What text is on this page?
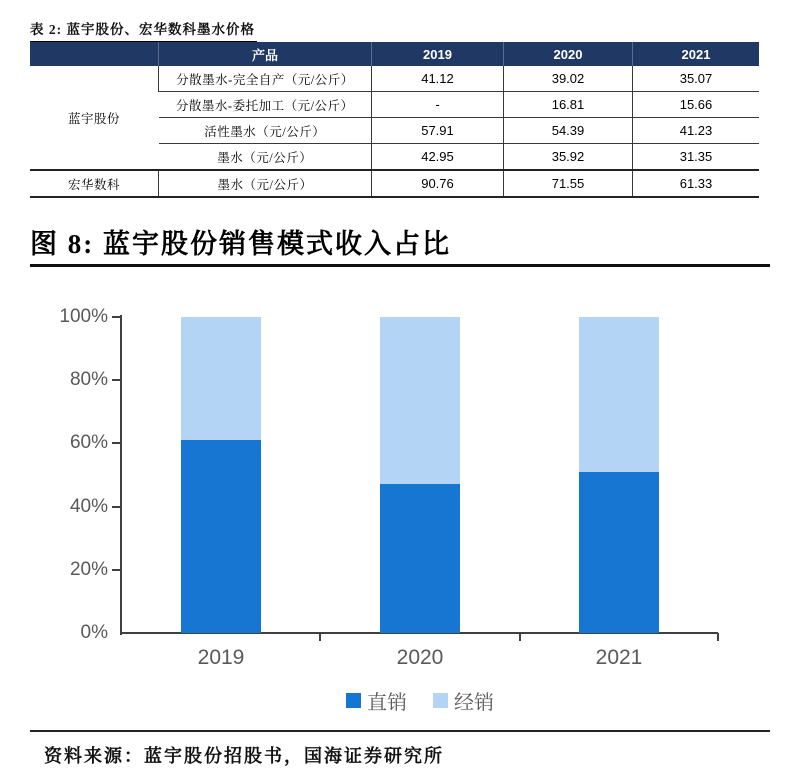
表 2: 蓝宇股份、宏华数科墨水价格
	产品	2019	2020	2021
蓝宇股份	分散墨水-完全自产（元/公斤）	41.12	39.02	35.07
	分散墨水-委托加工（元/公斤）	-	16.81	15.66
	活性墨水（元/公斤）	57.91	54.39	41.23
	墨水（元/公斤）	42.95	35.92	31.35
宏华数科	墨水（元/公斤）	90.76	71.55	61.33
图 8: 蓝宇股份销售模式收入占比
0%
20%
40%
60%
80%
100%
2019	2020	2021
直销 经销
资料来源：蓝宇股份招股书，国海证券研究所
